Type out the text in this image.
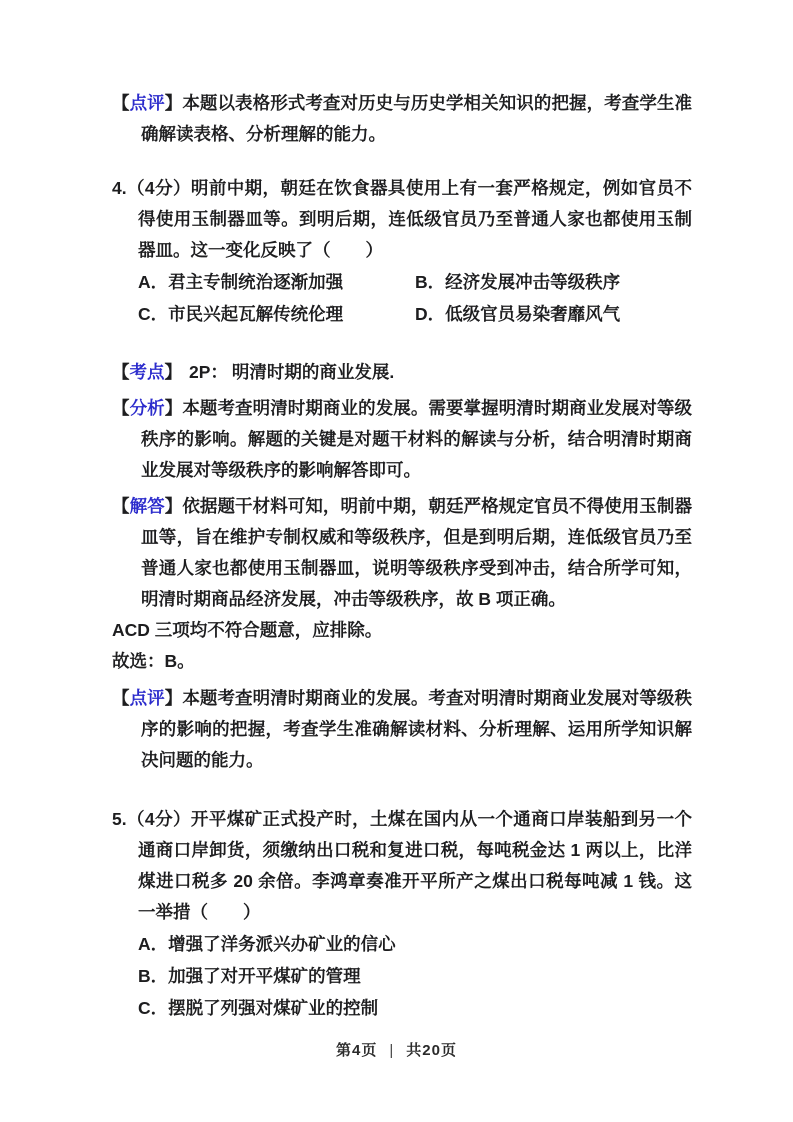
【点评】本题以表格形式考查对历史与历史学相关知识的把握，考查学生准确解读表格、分析理解的能力。

4.（4分）明前中期，朝廷在饮食器具使用上有一套严格规定，例如官员不得使用玉制器皿等。到明后期，连低级官员乃至普通人家也都使用玉制器皿。这一变化反映了（　　）

A．君主专制统治逐渐加强	B．经济发展冲击等级秩序
C．市民兴起瓦解传统伦理	D．低级官员易染奢靡风气

【考点】 2P： 明清时期的商业发展.

【分析】本题考查明清时期商业的发展。需要掌握明清时期商业发展对等级秩序的影响。解题的关键是对题干材料的解读与分析，结合明清时期商业发展对等级秩序的影响解答即可。

【解答】依据题干材料可知，明前中期，朝廷严格规定官员不得使用玉制器皿等，旨在维护专制权威和等级秩序，但是到明后期，连低级官员乃至普通人家也都使用玉制器皿，说明等级秩序受到冲击，结合所学可知，明清时期商品经济发展，冲击等级秩序，故 B 项正确。

ACD 三项均不符合题意，应排除。

故选：B。

【点评】本题考查明清时期商业的发展。考查对明清时期商业发展对等级秩序的影响的把握，考查学生准确解读材料、分析理解、运用所学知识解决问题的能力。

5.（4分）开平煤矿正式投产时，土煤在国内从一个通商口岸装船到另一个通商口岸卸货，须缴纳出口税和复进口税，每吨税金达 1 两以上，比洋煤进口税多 20 余倍。李鸿章奏准开平所产之煤出口税每吨减 1 钱。这一举措（　　）

A．增强了洋务派兴办矿业的信心
B．加强了对开平煤矿的管理
C．摆脱了列强对煤矿业的控制
第4页 | 共20页
